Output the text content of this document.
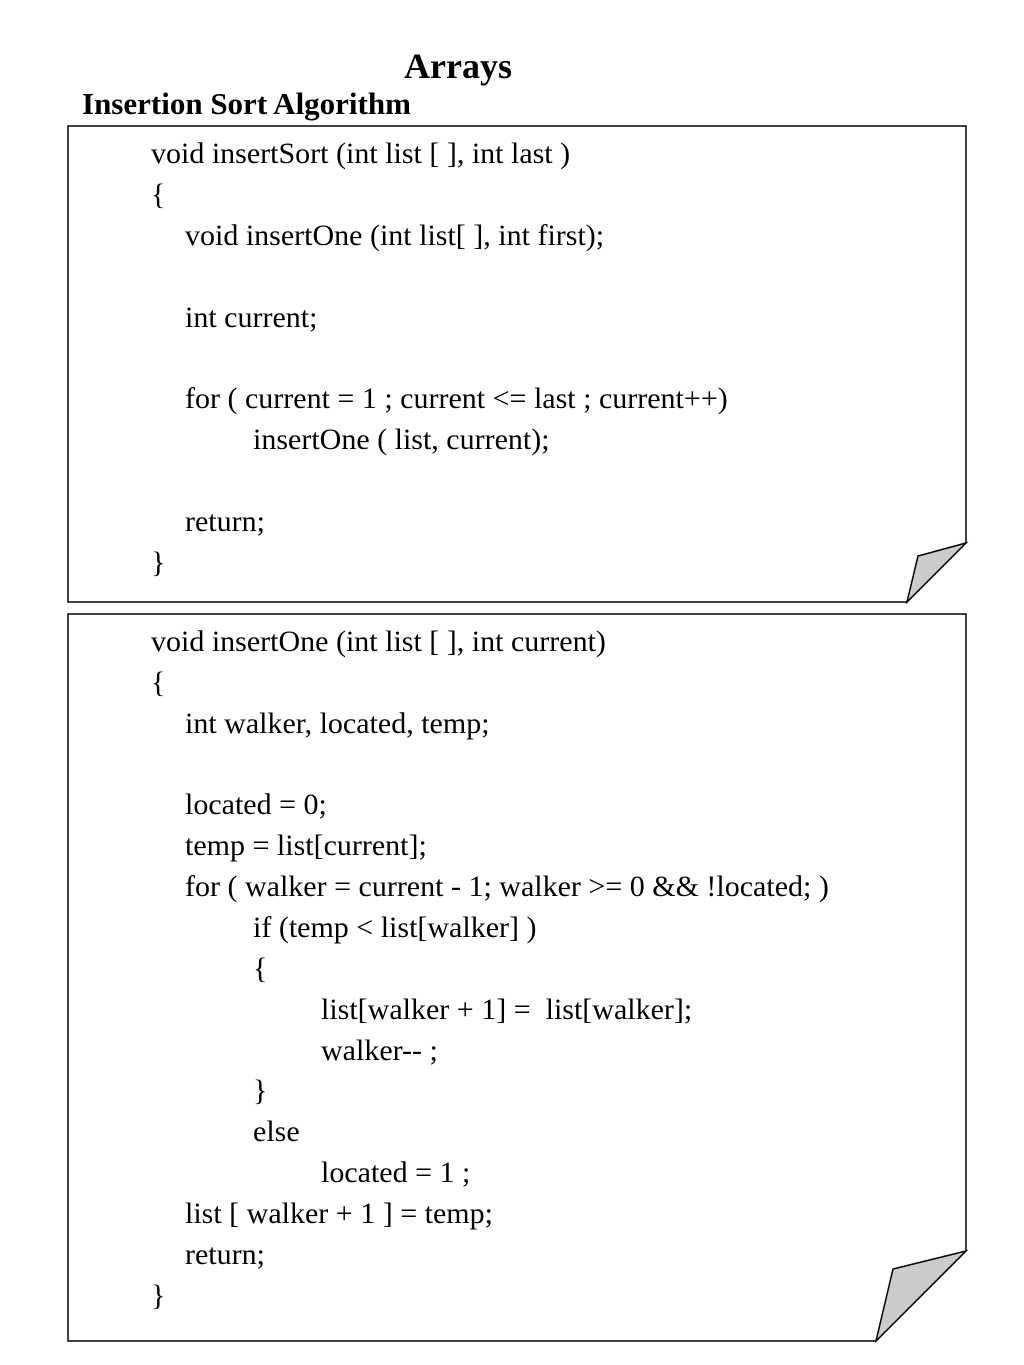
Arrays
Insertion Sort Algorithm
void insertSort (int list [ ], int last )
{
void insertOne (int list[ ], int first);
int current;
for ( current = 1 ; current <= last ; current++)
insertOne ( list, current);
return;
}
void insertOne (int list [ ], int current)
{
int walker, located, temp;
located = 0;
temp = list[current];
for ( walker = current - 1; walker >= 0 && !located; )
if (temp < list[walker] )
{
list[walker + 1] =  list[walker];
walker-- ;
}
else
located = 1 ;
list [ walker + 1 ] = temp;
return;
}
